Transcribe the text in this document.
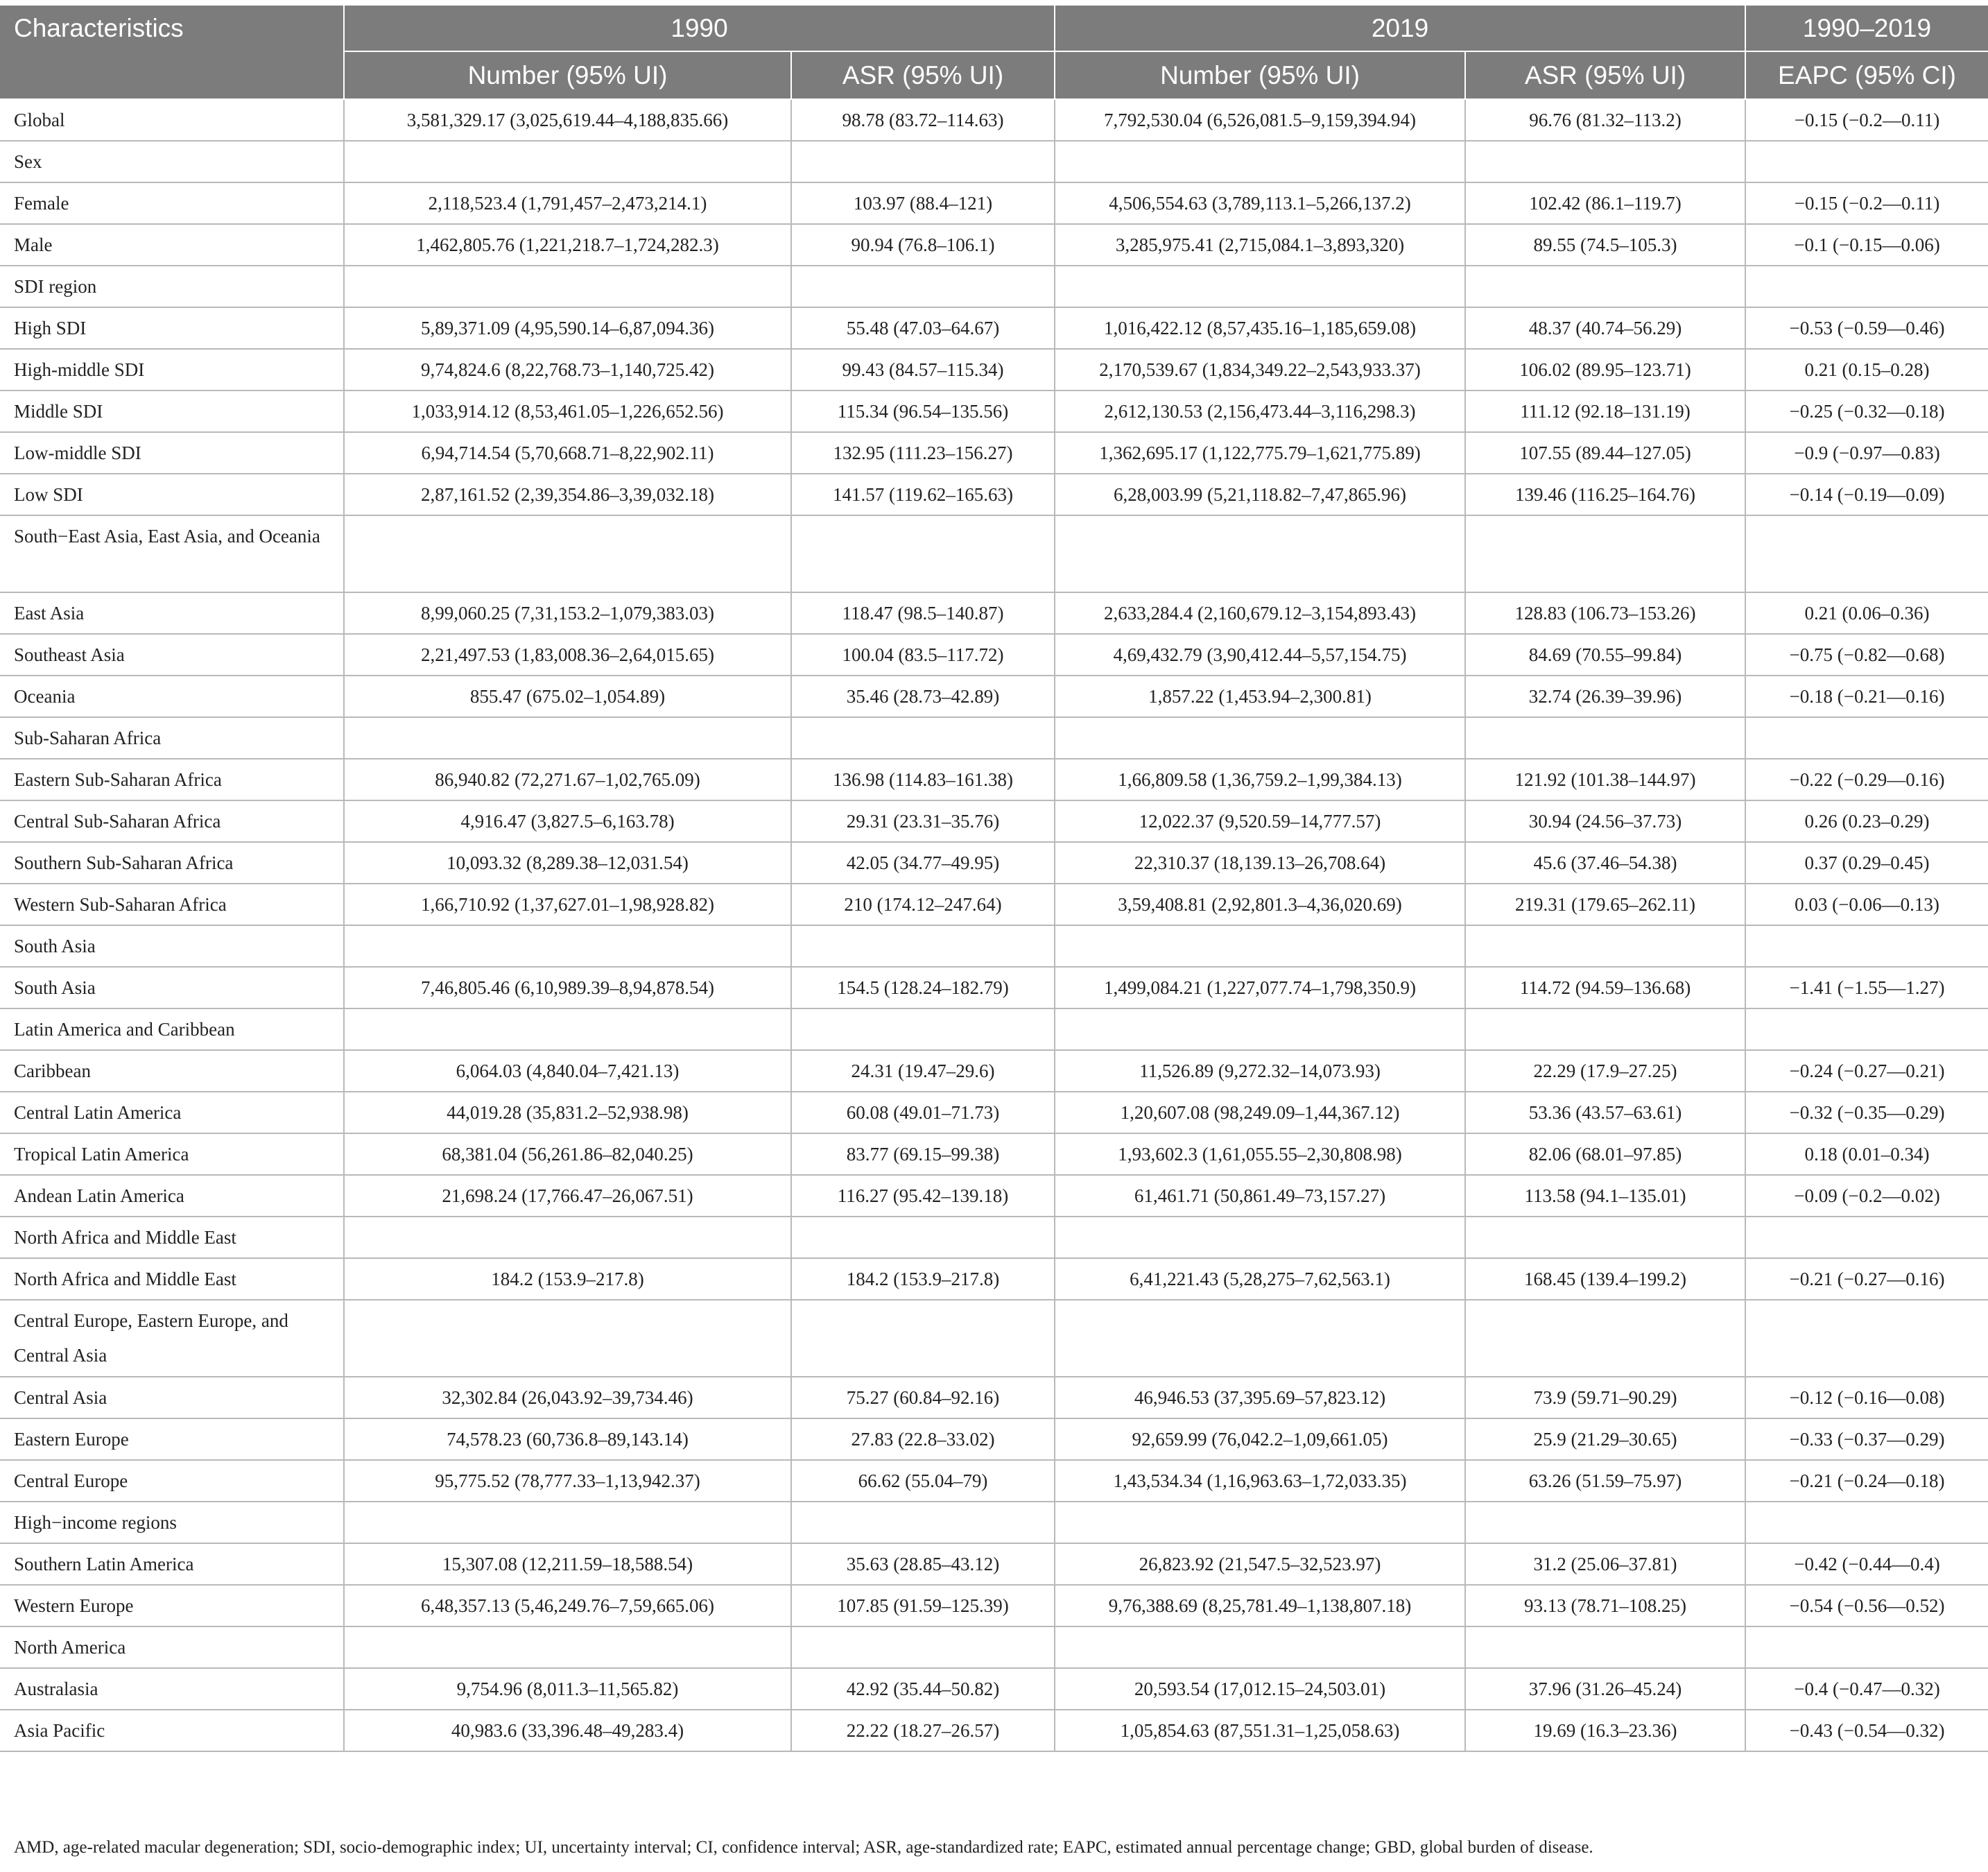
Characteristics	1990		2019		1990–2019
	Number (95% UI)	ASR (95% UI)	Number (95% UI)	ASR (95% UI)	EAPC (95% CI)
Global	3,581,329.17 (3,025,619.44–4,188,835.66)	98.78 (83.72–114.63)	7,792,530.04 (6,526,081.5–9,159,394.94)	96.76 (81.32–113.2)	−0.15 (−0.2—0.11)
Sex					
Female	2,118,523.4 (1,791,457–2,473,214.1)	103.97 (88.4–121)	4,506,554.63 (3,789,113.1–5,266,137.2)	102.42 (86.1–119.7)	−0.15 (−0.2—0.11)
Male	1,462,805.76 (1,221,218.7–1,724,282.3)	90.94 (76.8–106.1)	3,285,975.41 (2,715,084.1–3,893,320)	89.55 (74.5–105.3)	−0.1 (−0.15—0.06)
SDI region					
High SDI	5,89,371.09 (4,95,590.14–6,87,094.36)	55.48 (47.03–64.67)	1,016,422.12 (8,57,435.16–1,185,659.08)	48.37 (40.74–56.29)	−0.53 (−0.59—0.46)
High-middle SDI	9,74,824.6 (8,22,768.73–1,140,725.42)	99.43 (84.57–115.34)	2,170,539.67 (1,834,349.22–2,543,933.37)	106.02 (89.95–123.71)	0.21 (0.15–0.28)
Middle SDI	1,033,914.12 (8,53,461.05–1,226,652.56)	115.34 (96.54–135.56)	2,612,130.53 (2,156,473.44–3,116,298.3)	111.12 (92.18–131.19)	−0.25 (−0.32—0.18)
Low-middle SDI	6,94,714.54 (5,70,668.71–8,22,902.11)	132.95 (111.23–156.27)	1,362,695.17 (1,122,775.79–1,621,775.89)	107.55 (89.44–127.05)	−0.9 (−0.97—0.83)
Low SDI	2,87,161.52 (2,39,354.86–3,39,032.18)	141.57 (119.62–165.63)	6,28,003.99 (5,21,118.82–7,47,865.96)	139.46 (116.25–164.76)	−0.14 (−0.19—0.09)
South−East Asia, East Asia, and Oceania					
East Asia	8,99,060.25 (7,31,153.2–1,079,383.03)	118.47 (98.5–140.87)	2,633,284.4 (2,160,679.12–3,154,893.43)	128.83 (106.73–153.26)	0.21 (0.06–0.36)
Southeast Asia	2,21,497.53 (1,83,008.36–2,64,015.65)	100.04 (83.5–117.72)	4,69,432.79 (3,90,412.44–5,57,154.75)	84.69 (70.55–99.84)	−0.75 (−0.82—0.68)
Oceania	855.47 (675.02–1,054.89)	35.46 (28.73–42.89)	1,857.22 (1,453.94–2,300.81)	32.74 (26.39–39.96)	−0.18 (−0.21—0.16)
Sub-Saharan Africa					
Eastern Sub-Saharan Africa	86,940.82 (72,271.67–1,02,765.09)	136.98 (114.83–161.38)	1,66,809.58 (1,36,759.2–1,99,384.13)	121.92 (101.38–144.97)	−0.22 (−0.29—0.16)
Central Sub-Saharan Africa	4,916.47 (3,827.5–6,163.78)	29.31 (23.31–35.76)	12,022.37 (9,520.59–14,777.57)	30.94 (24.56–37.73)	0.26 (0.23–0.29)
Southern Sub-Saharan Africa	10,093.32 (8,289.38–12,031.54)	42.05 (34.77–49.95)	22,310.37 (18,139.13–26,708.64)	45.6 (37.46–54.38)	0.37 (0.29–0.45)
Western Sub-Saharan Africa	1,66,710.92 (1,37,627.01–1,98,928.82)	210 (174.12–247.64)	3,59,408.81 (2,92,801.3–4,36,020.69)	219.31 (179.65–262.11)	0.03 (−0.06—0.13)
South Asia					
South Asia	7,46,805.46 (6,10,989.39–8,94,878.54)	154.5 (128.24–182.79)	1,499,084.21 (1,227,077.74–1,798,350.9)	114.72 (94.59–136.68)	−1.41 (−1.55—1.27)
Latin America and Caribbean					
Caribbean	6,064.03 (4,840.04–7,421.13)	24.31 (19.47–29.6)	11,526.89 (9,272.32–14,073.93)	22.29 (17.9–27.25)	−0.24 (−0.27—0.21)
Central Latin America	44,019.28 (35,831.2–52,938.98)	60.08 (49.01–71.73)	1,20,607.08 (98,249.09–1,44,367.12)	53.36 (43.57–63.61)	−0.32 (−0.35—0.29)
Tropical Latin America	68,381.04 (56,261.86–82,040.25)	83.77 (69.15–99.38)	1,93,602.3 (1,61,055.55–2,30,808.98)	82.06 (68.01–97.85)	0.18 (0.01–0.34)
Andean Latin America	21,698.24 (17,766.47–26,067.51)	116.27 (95.42–139.18)	61,461.71 (50,861.49–73,157.27)	113.58 (94.1–135.01)	−0.09 (−0.2—0.02)
North Africa and Middle East					
North Africa and Middle East	184.2 (153.9–217.8)	184.2 (153.9–217.8)	6,41,221.43 (5,28,275–7,62,563.1)	168.45 (139.4–199.2)	−0.21 (−0.27—0.16)
Central Europe, Eastern Europe, and Central Asia					
Central Asia	32,302.84 (26,043.92–39,734.46)	75.27 (60.84–92.16)	46,946.53 (37,395.69–57,823.12)	73.9 (59.71–90.29)	−0.12 (−0.16—0.08)
Eastern Europe	74,578.23 (60,736.8–89,143.14)	27.83 (22.8–33.02)	92,659.99 (76,042.2–1,09,661.05)	25.9 (21.29–30.65)	−0.33 (−0.37—0.29)
Central Europe	95,775.52 (78,777.33–1,13,942.37)	66.62 (55.04–79)	1,43,534.34 (1,16,963.63–1,72,033.35)	63.26 (51.59–75.97)	−0.21 (−0.24—0.18)
High−income regions					
Southern Latin America	15,307.08 (12,211.59–18,588.54)	35.63 (28.85–43.12)	26,823.92 (21,547.5–32,523.97)	31.2 (25.06–37.81)	−0.42 (−0.44—0.4)
Western Europe	6,48,357.13 (5,46,249.76–7,59,665.06)	107.85 (91.59–125.39)	9,76,388.69 (8,25,781.49–1,138,807.18)	93.13 (78.71–108.25)	−0.54 (−0.56—0.52)
North America					
Australasia	9,754.96 (8,011.3–11,565.82)	42.92 (35.44–50.82)	20,593.54 (17,012.15–24,503.01)	37.96 (31.26–45.24)	−0.4 (−0.47—0.32)
Asia Pacific	40,983.6 (33,396.48–49,283.4)	22.22 (18.27–26.57)	1,05,854.63 (87,551.31–1,25,058.63)	19.69 (16.3–23.36)	−0.43 (−0.54—0.32)
AMD, age-related macular degeneration; SDI, socio-demographic index; UI, uncertainty interval; CI, confidence interval; ASR, age-standardized rate; EAPC, estimated annual percentage change; GBD, global burden of disease.
